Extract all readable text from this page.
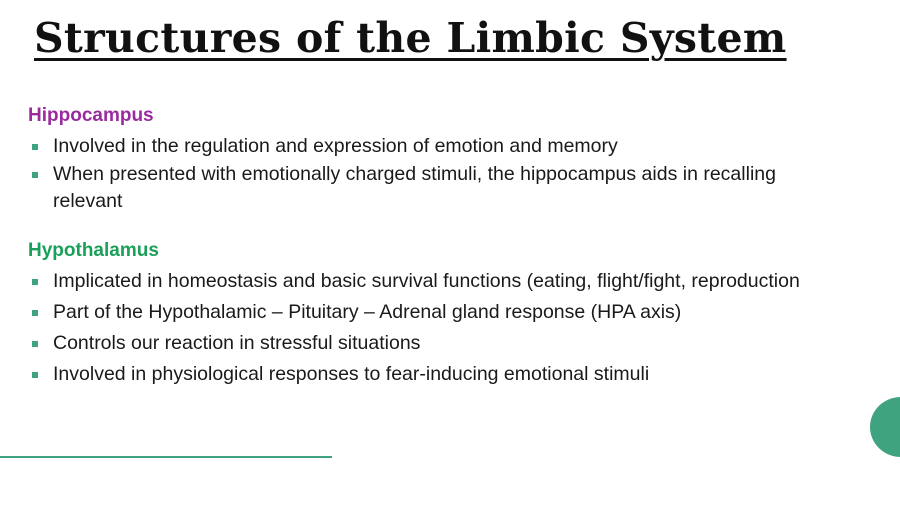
Structures of the Limbic System

Hippocampus

Involved in the regulation and expression of emotion and memory
When presented with emotionally charged stimuli, the hippocampus aids in recalling relevant

Hypothalamus

Implicated in homeostasis and basic survival functions (eating, flight/fight, reproduction
Part of the Hypothalamic – Pituitary – Adrenal gland response (HPA axis)
Controls our reaction in stressful situations
Involved in physiological responses to fear-inducing emotional stimuli
